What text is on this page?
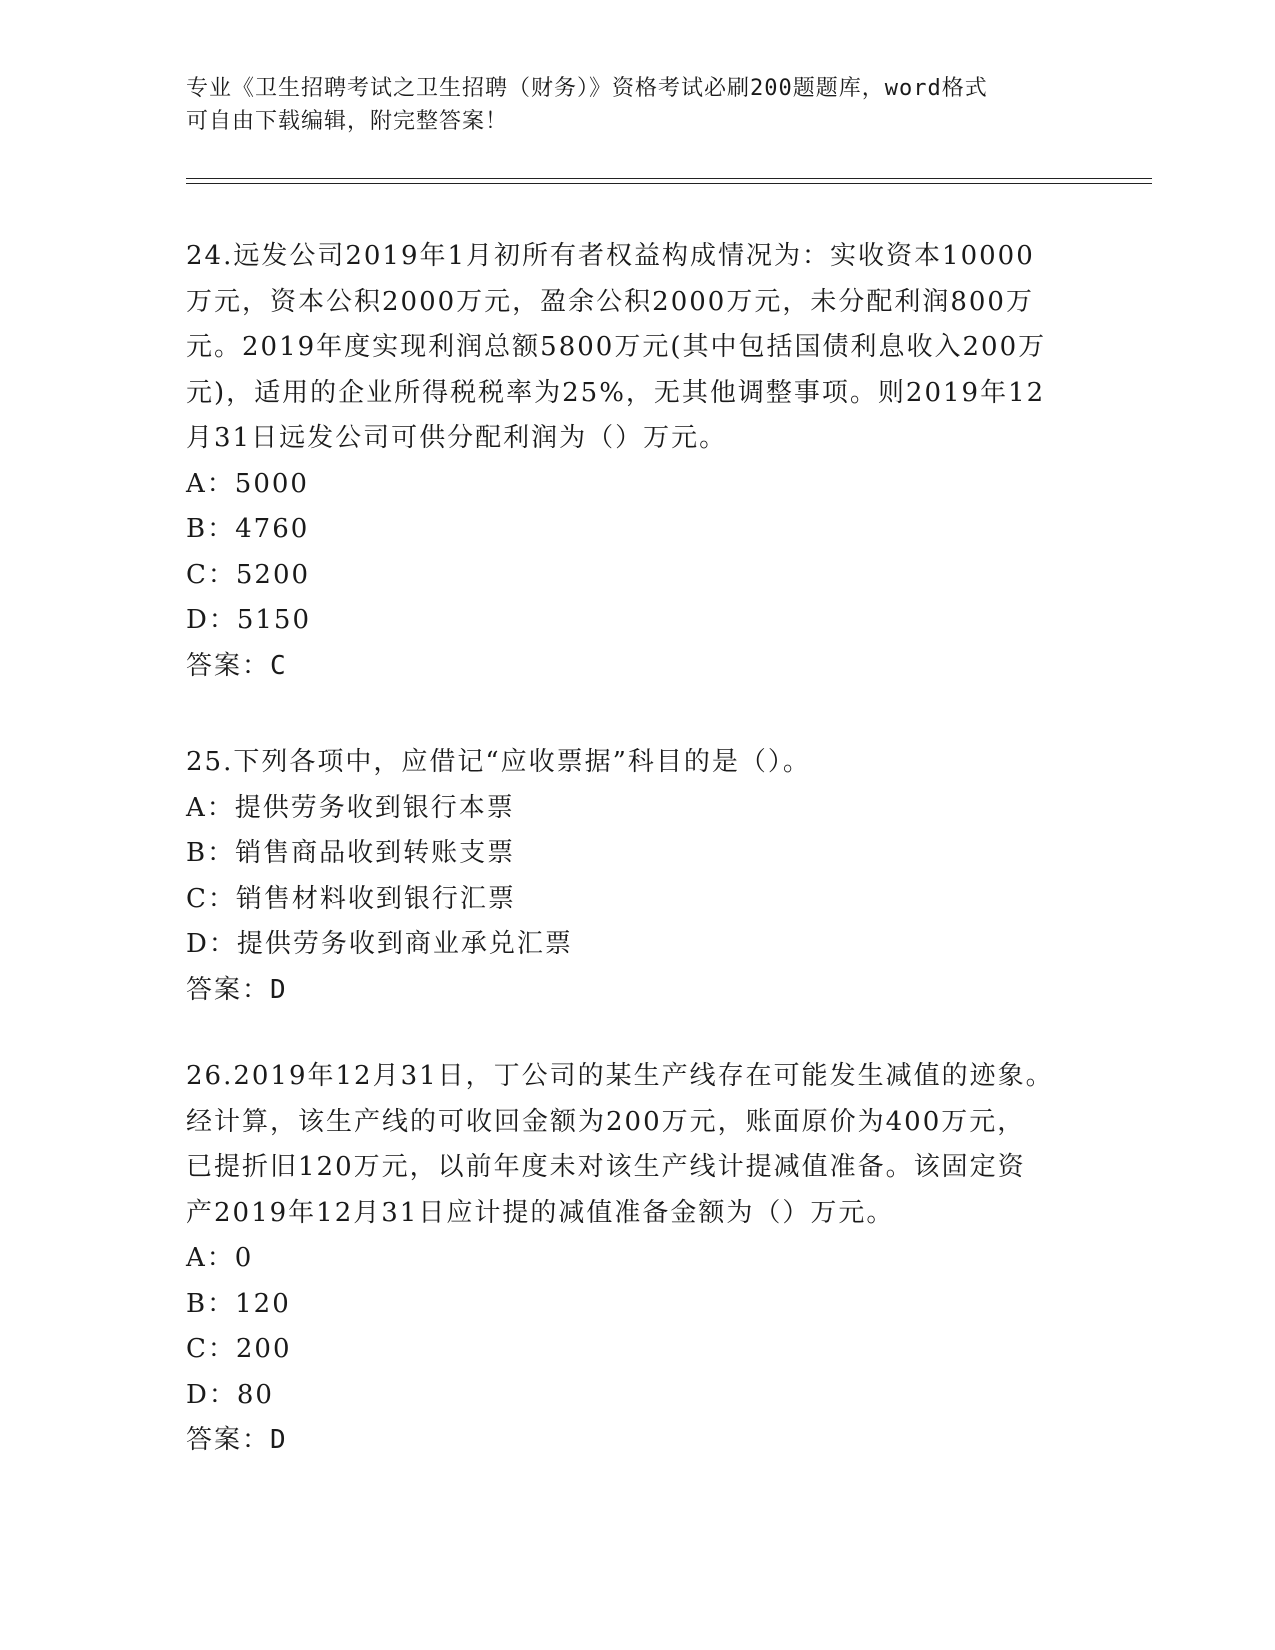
专业《卫生招聘考试之卫生招聘（财务）》资格考试必刷200题题库，word格式
可自由下载编辑，附完整答案！
24.远发公司2019年1月初所有者权益构成情况为：实收资本10000
万元，资本公积2000万元，盈余公积2000万元，未分配利润800万
元。2019年度实现利润总额5800万元(其中包括国债利息收入200万
元)，适用的企业所得税税率为25%，无其他调整事项。则2019年12
月31日远发公司可供分配利润为（）万元。
A：5000
B：4760
C：5200
D：5150
答案：C
25.下列各项中，应借记“应收票据”科目的是（）。
A：提供劳务收到银行本票
B：销售商品收到转账支票
C：销售材料收到银行汇票
D：提供劳务收到商业承兑汇票
答案：D
26.2019年12月31日，丁公司的某生产线存在可能发生减值的迹象。
经计算，该生产线的可收回金额为200万元，账面原价为400万元，
已提折旧120万元，以前年度未对该生产线计提减值准备。该固定资
产2019年12月31日应计提的减值准备金额为（）万元。
A：0
B：120
C：200
D：80
答案：D
